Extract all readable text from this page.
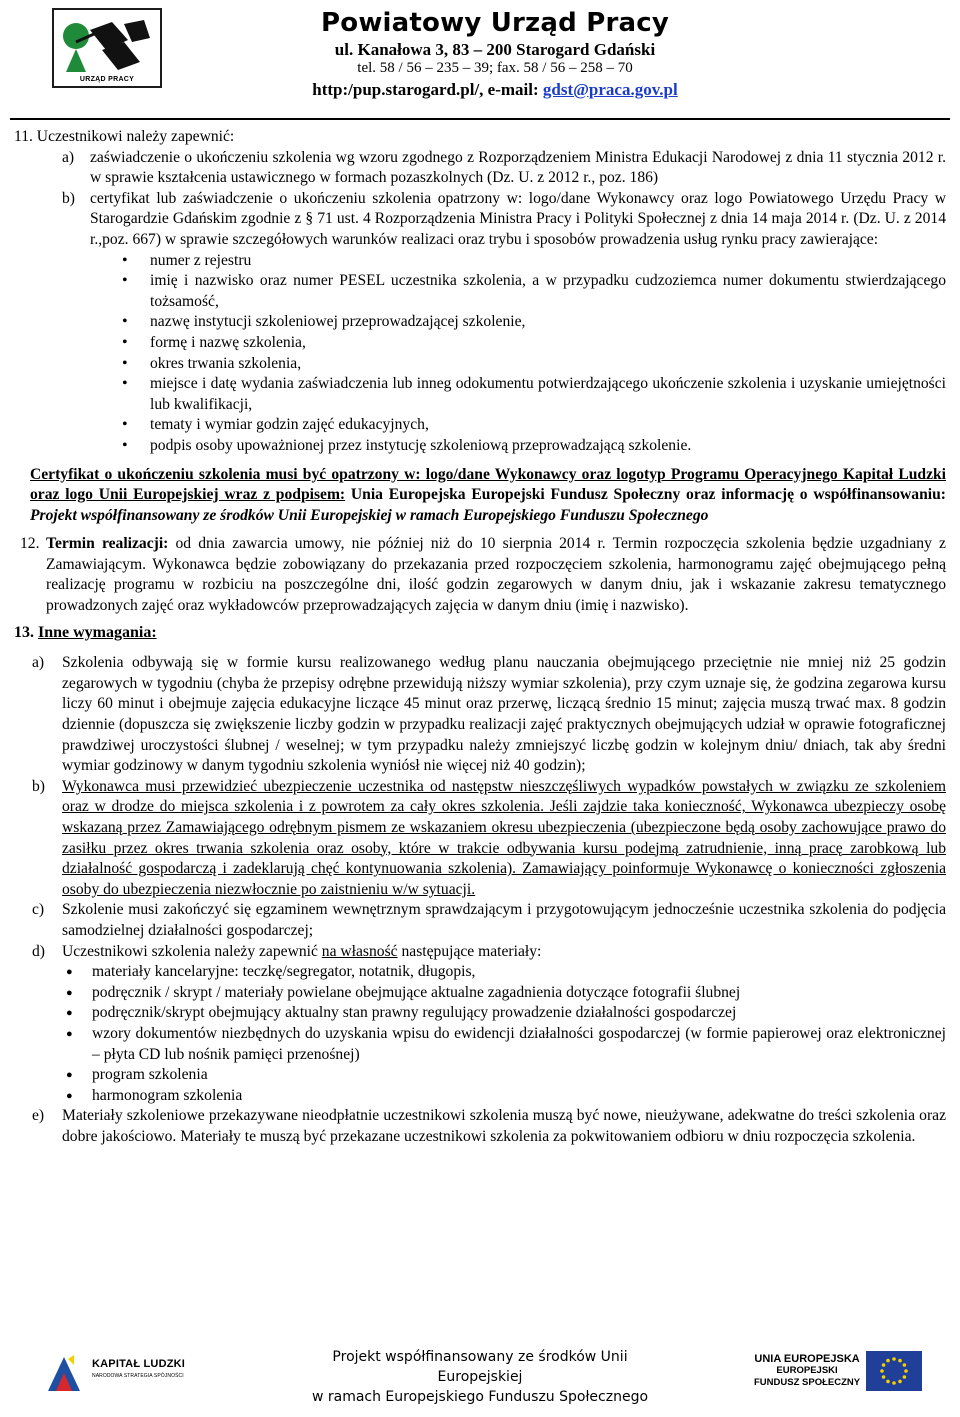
URZĄD PRACY
Powiatowy Urząd Pracy
ul. Kanałowa 3, 83 – 200 Starogard Gdański
tel. 58 / 56 – 235 – 39; fax. 58 / 56 – 258 – 70
http:/pup.starogard.pl/, e-mail: gdst@praca.gov.pl

11. Uczestnikowi należy zapewnić:

a)	zaświadczenie o ukończeniu szkolenia wg wzoru zgodnego z Rozporządzeniem Ministra Edukacji Narodowej z dnia 11 stycznia 2012 r. w sprawie kształcenia ustawicznego w formach pozaszkolnych (Dz. U. z 2012 r., poz. 186)
b) certyfikat lub zaświadczenie o ukończeniu szkolenia opatrzony w: logo/dane Wykonawcy oraz logo Powiatowego Urzędu Pracy w Starogardzie Gdańskim zgodnie z § 71 ust. 4 Rozporządzenia Ministra Pracy i Polityki Społecznej z dnia 14 maja 2014 r. (Dz. U. z 2014 r.,poz. 667) w sprawie szczegółowych warunków realizaci oraz trybu i sposobów prowadzenia usług rynku pracy zawierające:
• numer z rejestru
• imię i nazwisko oraz numer PESEL uczestnika szkolenia, a w przypadku cudzoziemca numer dokumentu stwierdzającego tożsamość,
• nazwę instytucji szkoleniowej przeprowadzającej szkolenie,
• formę i nazwę szkolenia,
• okres trwania szkolenia,
• miejsce i datę wydania zaświadczenia lub inneg odokumentu potwierdzającego ukończenie szkolenia i uzyskanie umiejętności lub kwalifikacji,
• tematy i wymiar godzin zajęć edukacyjnych,
• podpis osoby upoważnionej przez instytucję szkoleniową przeprowadzającą szkolenie.

Certyfikat o ukończeniu szkolenia musi być opatrzony w: logo/dane Wykonawcy oraz logotyp Programu Operacyjnego Kapitał Ludzki oraz logo Unii Europejskiej wraz z podpisem: Unia Europejska Europejski Fundusz Społeczny oraz informację o współfinansowaniu: Projekt współfinansowany ze środków Unii Europejskiej w ramach Europejskiego Funduszu Społecznego

12. Termin realizacji: od dnia zawarcia umowy, nie później niż do 10 sierpnia 2014 r. Termin rozpoczęcia szkolenia będzie uzgadniany z Zamawiającym. Wykonawca będzie zobowiązany do przekazania przed rozpoczęciem szkolenia, harmonogramu zajęć obejmującego pełną realizację programu w rozbiciu na poszczególne dni, ilość godzin zegarowych w danym dniu, jak i wskazanie zakresu tematycznego prowadzonych zajęć oraz wykładowców przeprowadzających zajęcia w danym dniu (imię i nazwisko).

13. Inne wymagania:

a)	Szkolenia odbywają się w formie kursu realizowanego według planu nauczania obejmującego przeciętnie nie mniej niż 25 godzin zegarowych w tygodniu (chyba że przepisy odrębne przewidują niższy wymiar szkolenia), przy czym uznaje się, że godzina zegarowa kursu liczy 60 minut i obejmuje zajęcia edukacyjne liczące 45 minut oraz przerwę, liczącą średnio 15 minut; zajęcia muszą trwać max. 8 godzin dziennie (dopuszcza się zwiększenie liczby godzin w przypadku realizacji zajęć praktycznych obejmujących udział w oprawie fotograficznej prawdziwej uroczystości ślubnej / weselnej; w tym przypadku należy zmniejszyć liczbę godzin w kolejnym dniu/ dniach, tak aby średni wymiar godzinowy w danym tygodniu szkolenia wyniósł nie więcej niż 40 godzin);
b)	Wykonawca musi przewidzieć ubezpieczenie uczestnika od następstw nieszczęśliwych wypadków powstałych w związku ze szkoleniem oraz w drodze do miejsca szkolenia i z powrotem za cały okres szkolenia. Jeśli zajdzie taka konieczność, Wykonawca ubezpieczy osobę wskazaną przez Zamawiającego odrębnym pismem ze wskazaniem okresu ubezpieczenia (ubezpieczone będą osoby zachowujące prawo do zasiłku przez okres trwania szkolenia oraz osoby, które w trakcie odbywania kursu podejmą zatrudnienie, inną pracę zarobkową lub działalność gospodarczą i zadeklarują chęć kontynuowania szkolenia). Zamawiający poinformuje Wykonawcę o konieczności zgłoszenia osoby do ubezpieczenia niezwłocznie po zaistnieniu w/w sytuacji.
c)	Szkolenie musi zakończyć się egzaminem wewnętrznym sprawdzającym i przygotowującym jednocześnie uczestnika szkolenia do podjęcia samodzielnej działalności gospodarczej;
d)	Uczestnikowi szkolenia należy zapewnić na własność następujące materiały:
● materiały kancelaryjne: teczkę/segregator, notatnik, długopis,
● podręcznik / skrypt / materiały powielane obejmujące aktualne zagadnienia dotyczące fotografii ślubnej
● podręcznik/skrypt obejmujący aktualny stan prawny regulujący prowadzenie działalności gospodarczej
● wzory dokumentów niezbędnych do uzyskania wpisu do ewidencji działalności gospodarczej (w formie papierowej oraz elektronicznej – płyta CD lub nośnik pamięci przenośnej)
● program szkolenia
● harmonogram szkolenia
e)	Materiały szkoleniowe przekazywane nieodpłatnie uczestnikowi szkolenia muszą być nowe, nieużywane, adekwatne do treści szkolenia oraz dobre jakościowo. Materiały te muszą być przekazane uczestnikowi szkolenia za pokwitowaniem odbioru w dniu rozpoczęcia szkolenia.
KAPITAŁ LUDZKI
NARODOWA STRATEGIA SPÓJNOŚCI
Projekt współfinansowany ze środków Unii Europejskiej
w ramach Europejskiego Funduszu Społecznego
UNIA EUROPEJSKA
EUROPEJSKI
FUNDUSZ SPOŁECZNY
